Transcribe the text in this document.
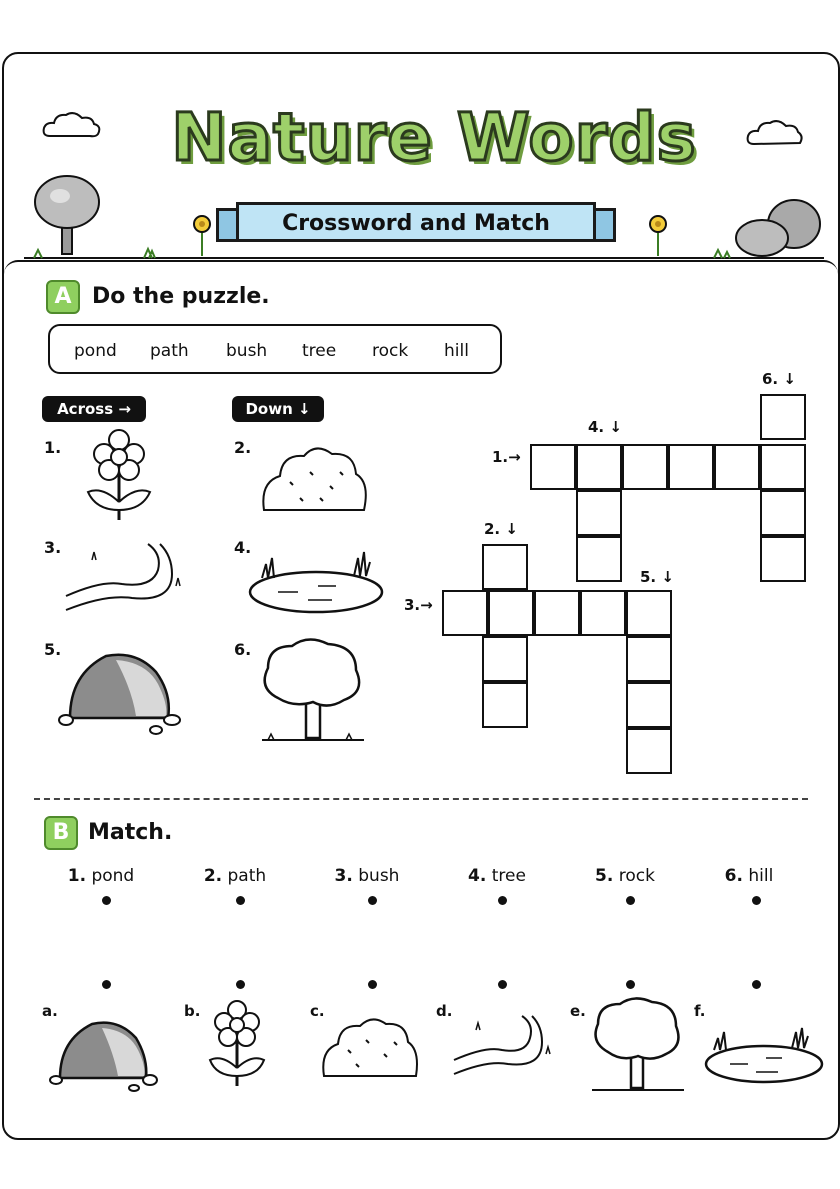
Nature Words
Crossword and Match
A Do the puzzle.
pond path bush tree rock hill
Across →	Down ↓
1.	2.
3.	4.
5.	6.
6. ↓
4. ↓
1.→
2. ↓
5. ↓
3.→
B Match.
1. pond	2. path	3. bush	4. tree	5. rock	6. hill
a.	b.	c.	d.	e.	f.
